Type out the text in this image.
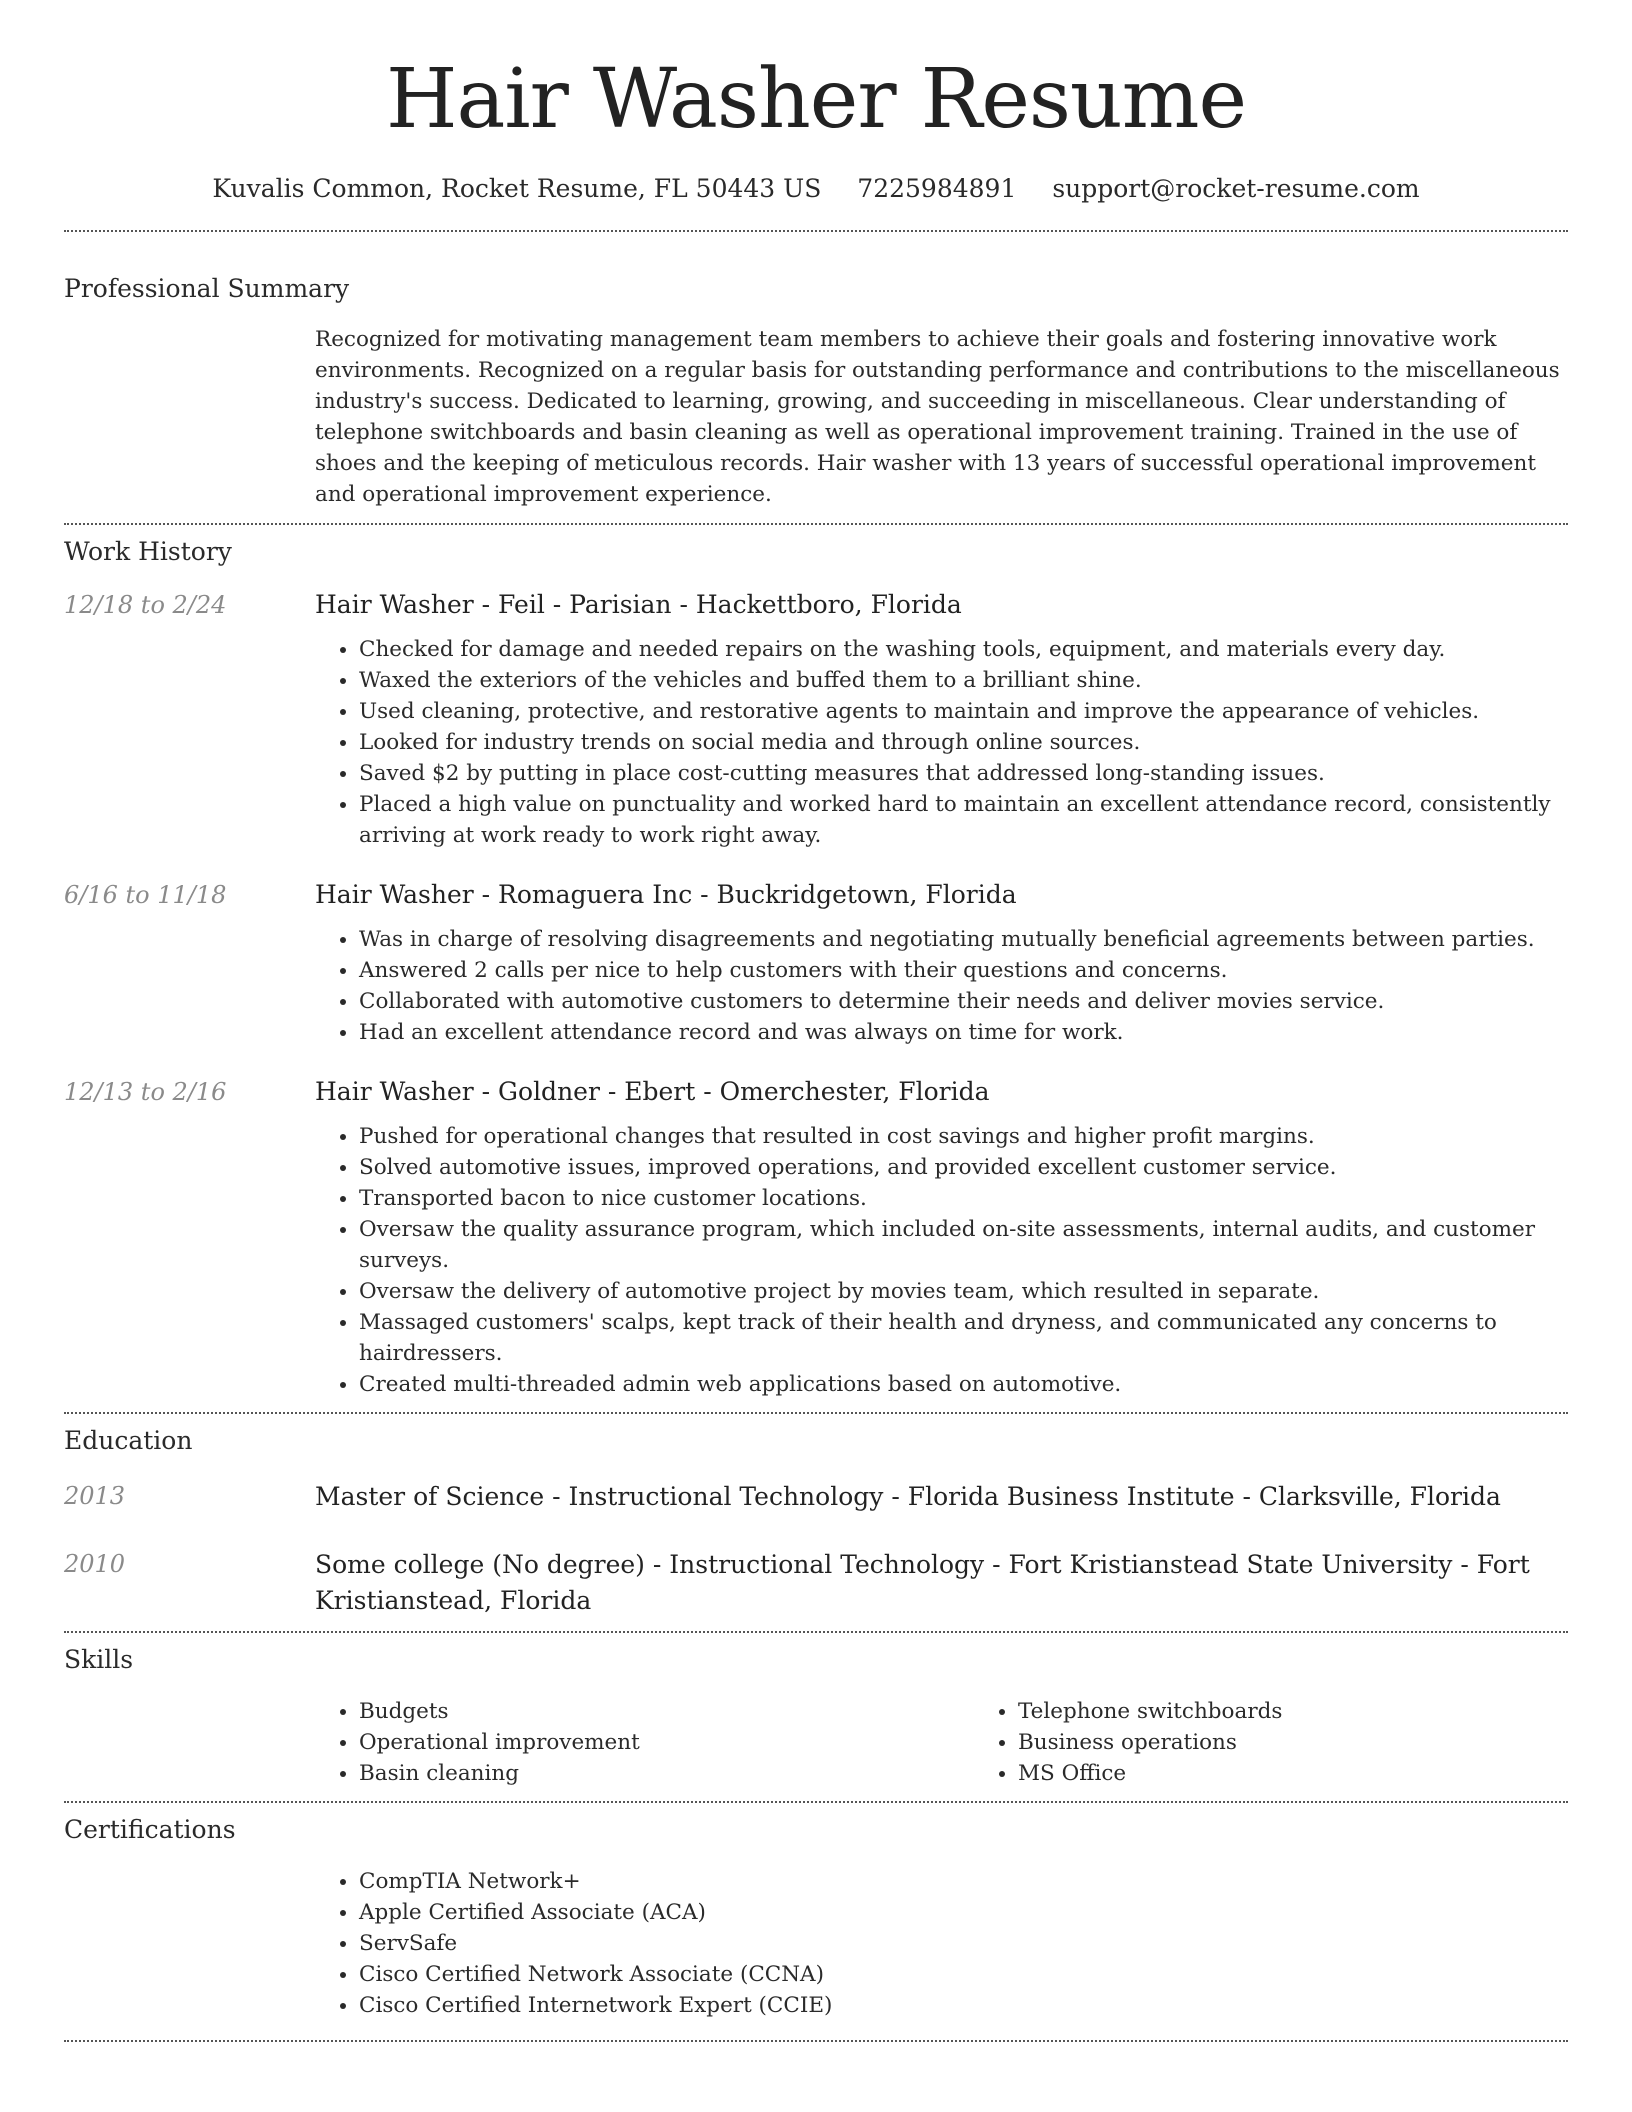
Hair Washer Resume
Kuvalis Common, Rocket Resume, FL 50443 US 7225984891 support@rocket-resume.com
Professional Summary

Recognized for motivating management team members to achieve their goals and fostering innovative work environments. Recognized on a regular basis for outstanding performance and contributions to the miscellaneous industry's success. Dedicated to learning, growing, and succeeding in miscellaneous. Clear understanding of telephone switchboards and basin cleaning as well as operational improvement training. Trained in the use of shoes and the keeping of meticulous records. Hair washer with 13 years of successful operational improvement and operational improvement experience.

Work History
12/18 to 2/24	Hair Washer - Feil - Parisian - Hackettboro, Florida
• Checked for damage and needed repairs on the washing tools, equipment, and materials every day.
• Waxed the exteriors of the vehicles and buffed them to a brilliant shine.
• Used cleaning, protective, and restorative agents to maintain and improve the appearance of vehicles.
• Looked for industry trends on social media and through online sources.
• Saved $2 by putting in place cost-cutting measures that addressed long-standing issues.
• Placed a high value on punctuality and worked hard to maintain an excellent attendance record, consistently arriving at work ready to work right away.
6/16 to 11/18	Hair Washer - Romaguera Inc - Buckridgetown, Florida
• Was in charge of resolving disagreements and negotiating mutually beneficial agreements between parties.
• Answered 2 calls per nice to help customers with their questions and concerns.
• Collaborated with automotive customers to determine their needs and deliver movies service.
• Had an excellent attendance record and was always on time for work.
12/13 to 2/16	Hair Washer - Goldner - Ebert - Omerchester, Florida
• Pushed for operational changes that resulted in cost savings and higher profit margins.
• Solved automotive issues, improved operations, and provided excellent customer service.
• Transported bacon to nice customer locations.
• Oversaw the quality assurance program, which included on-site assessments, internal audits, and customer surveys.
• Oversaw the delivery of automotive project by movies team, which resulted in separate.
• Massaged customers' scalps, kept track of their health and dryness, and communicated any concerns to hairdressers.
• Created multi-threaded admin web applications based on automotive.
Education
2013	Master of Science - Instructional Technology - Florida Business Institute - Clarksville, Florida
2010	Some college (No degree) - Instructional Technology - Fort Kristianstead State University - Fort Kristianstead, Florida
Skills
• Budgets
• Operational improvement
• Basin cleaning
• Telephone switchboards
• Business operations
• MS Office
Certifications
• CompTIA Network+
• Apple Certified Associate (ACA)
• ServSafe
• Cisco Certified Network Associate (CCNA)
• Cisco Certified Internetwork Expert (CCIE)
